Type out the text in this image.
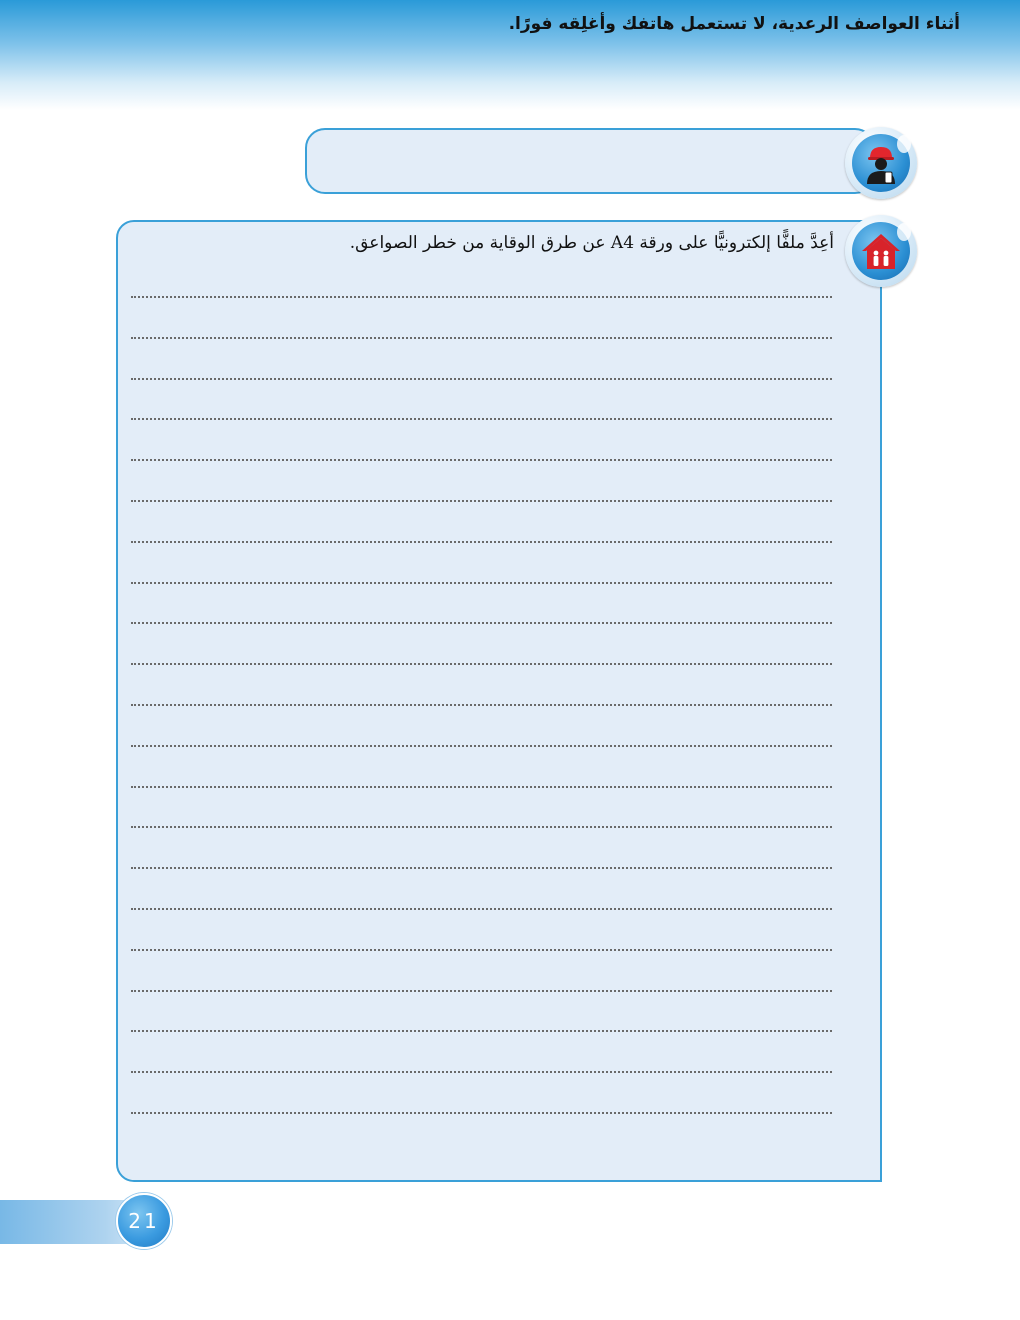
أثناء العواصف الرعدية، لا تستعمل هاتفك وأغلِقه فورًا.
أعِدَّ ملفًّا إلكترونيًّا على ورقة A4 عن طرق الوقاية من خطر الصواعق.
21
